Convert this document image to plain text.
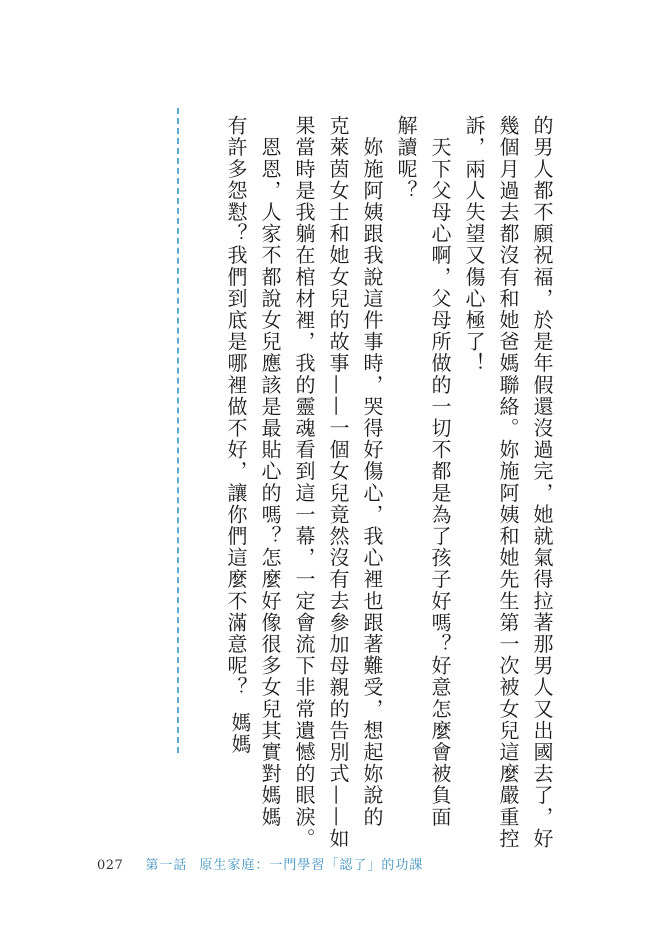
的男人都不願祝福，於是年假還沒過完，她就氣得拉著那男人又出國去了，好
幾個月過去都沒有和她爸媽聯絡。妳施阿姨和她先生第一次被女兒這麼嚴重控
訴，兩人失望又傷心極了！
　天下父母心啊，父母所做的一切不都是為了孩子好嗎？好意怎麼會被負面
解讀呢？
　妳施阿姨跟我說這件事時，哭得好傷心，我心裡也跟著難受，想起妳說的
克萊茵女士和她女兒的故事——一個女兒竟然沒有去參加母親的告別式——如
果當時是我躺在棺材裡，我的靈魂看到這一幕，一定會流下非常遺憾的眼淚。
　恩恩，人家不都說女兒應該是最貼心的嗎？怎麼好像很多女兒其實對媽媽
有許多怨懟？我們到底是哪裡做不好，讓你們這麼不滿意呢？
媽媽
027 第一話 原生家庭：一門學習「認了」的功課
